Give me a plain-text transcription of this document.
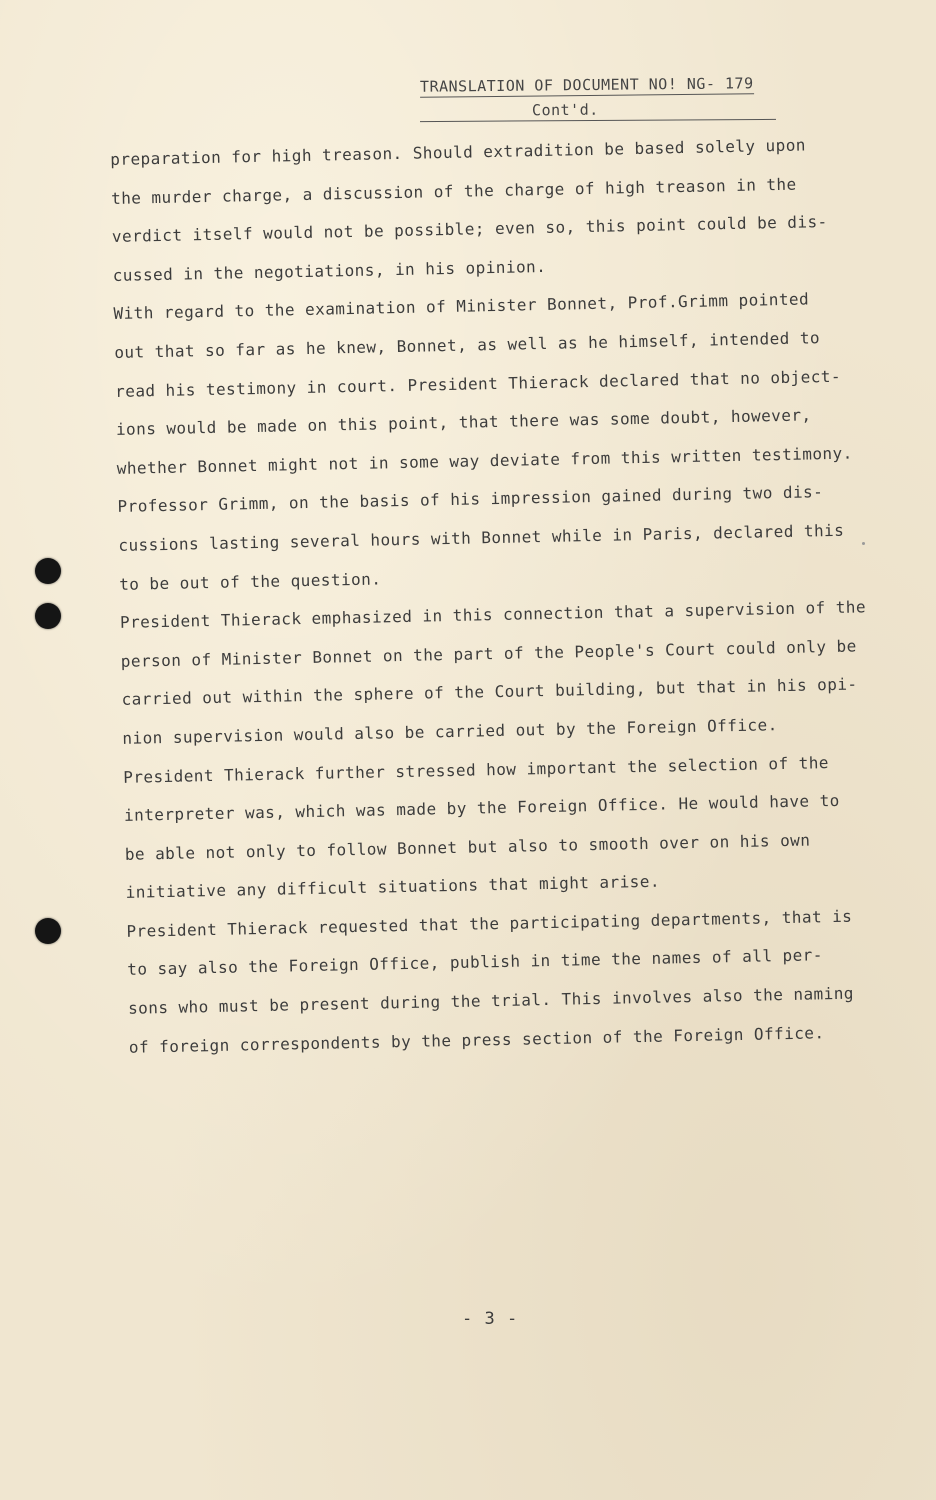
TRANSLATION OF DOCUMENT NO! NG- 179
Cont'd.
preparation for high treason. Should extradition be based solely upon
the murder charge, a discussion of the charge of high treason in the
verdict itself would not be possible; even so, this point could be dis-
cussed in the negotiations, in his opinion.
With regard to the examination of Minister Bonnet, Prof.Grimm pointed
out that so far as he knew, Bonnet, as well as he himself, intended to
read his testimony in court. President Thierack declared that no object-
ions would be made on this point, that there was some doubt, however,
whether Bonnet might not in some way deviate from this written testimony.
Professor Grimm, on the basis of his impression gained during two dis-
cussions lasting several hours with Bonnet while in Paris, declared this
to be out of the question.
President Thierack emphasized in this connection that a supervision of the
person of Minister Bonnet on the part of the People's Court could only be
carried out within the sphere of the Court building, but that in his opi-
nion supervision would also be carried out by the Foreign Office.
President Thierack further stressed how important the selection of the
interpreter was, which was made by the Foreign Office. He would have to
be able not only to follow Bonnet but also to smooth over on his own
initiative any difficult situations that might arise.
President Thierack requested that the participating departments, that is
to say also the Foreign Office, publish in time the names of all per-
sons who must be present during the trial. This involves also the naming
of foreign correspondents by the press section of the Foreign Office.
- 3 -
